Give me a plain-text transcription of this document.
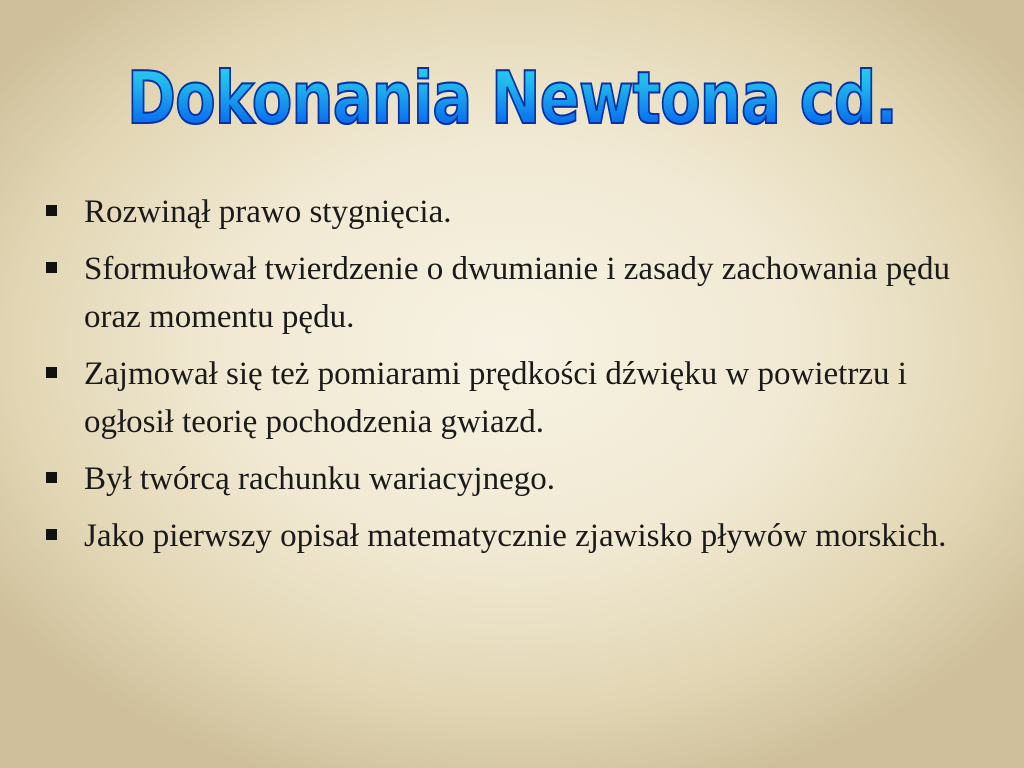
Dokonania Newtona cd.
Rozwinął prawo stygnięcia.
Sformułował twierdzenie o dwumianie i zasady zachowania pędu oraz momentu pędu.
Zajmował się też pomiarami prędkości dźwięku w powietrzu i ogłosił teorię pochodzenia gwiazd.
Był twórcą rachunku wariacyjnego.
Jako pierwszy opisał matematycznie zjawisko pływów morskich.
